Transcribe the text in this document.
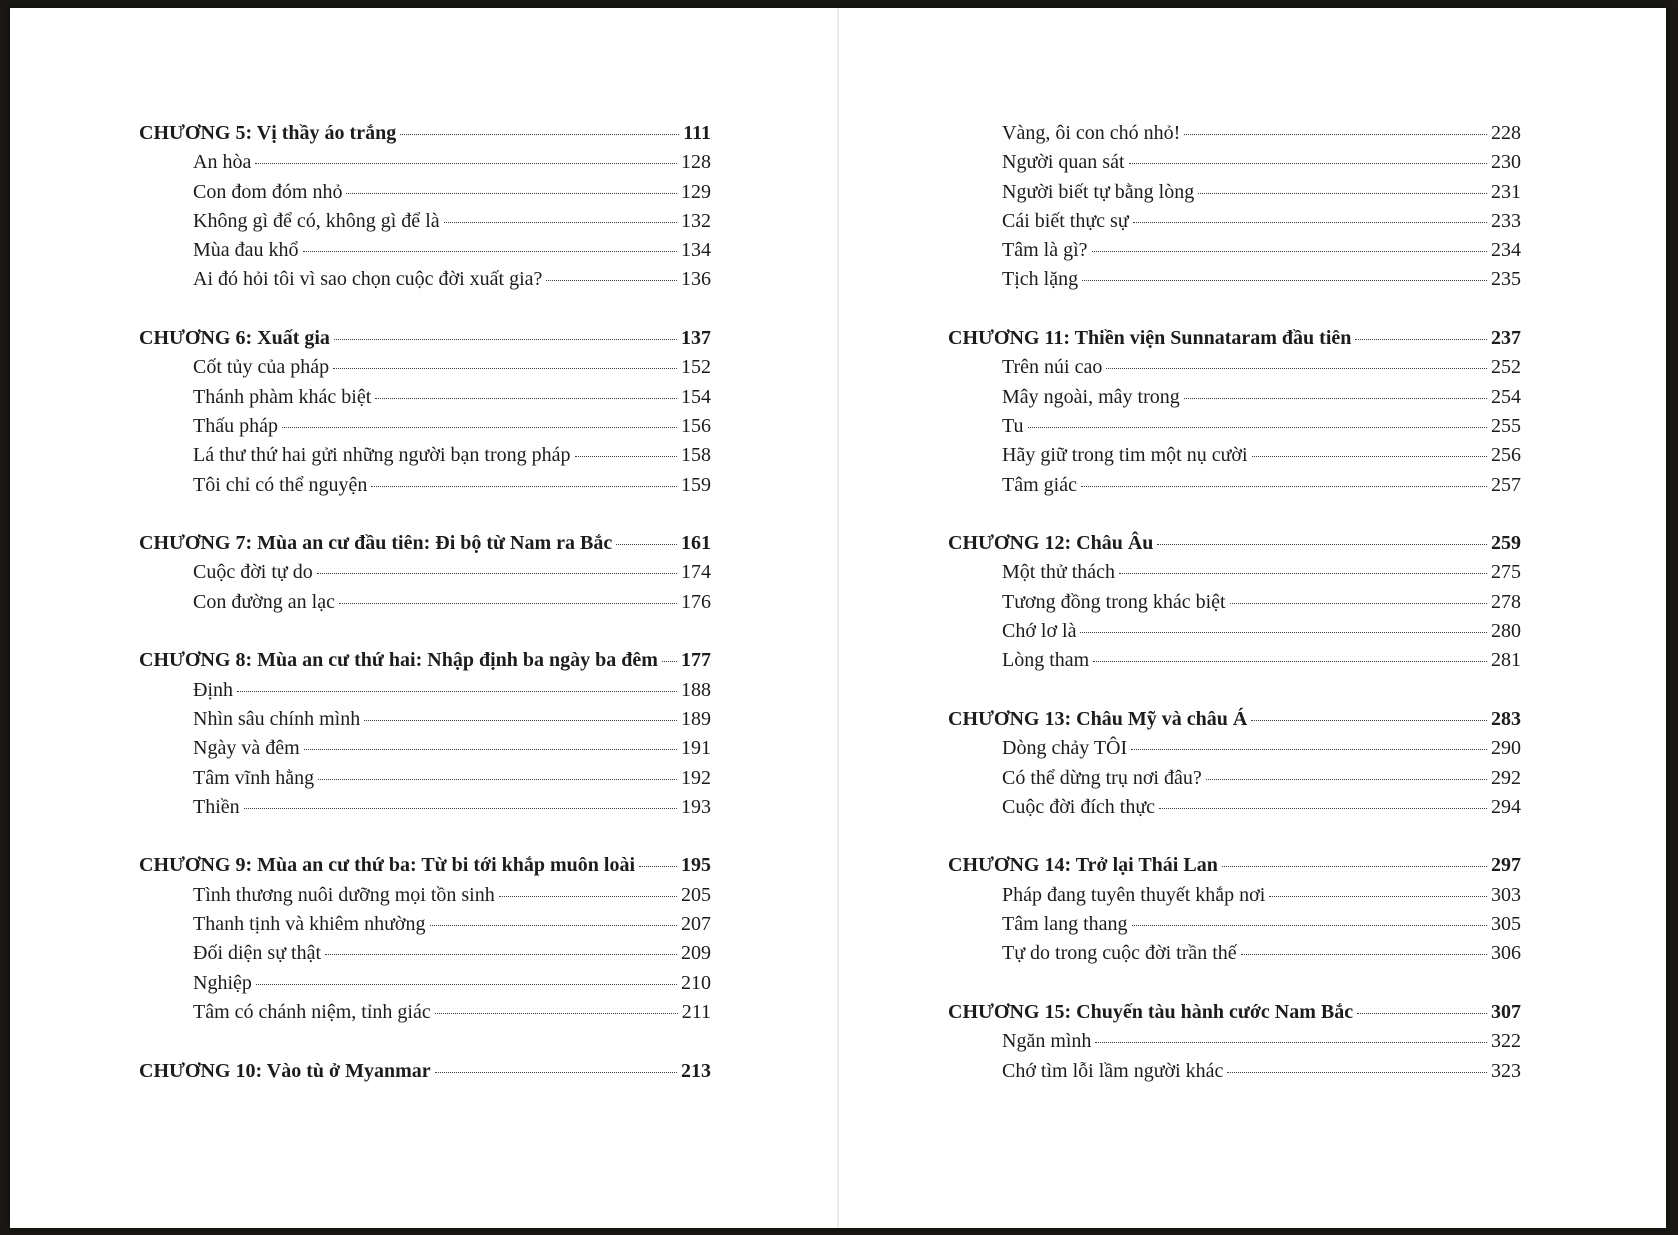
CHƯƠNG 5: Vị thầy áo trắng	111
An hòa	128
Con đom đóm nhỏ	129
Không gì để có, không gì để là	132
Mùa đau khổ	134
Ai đó hỏi tôi vì sao chọn cuộc đời xuất gia?	136
CHƯƠNG 6: Xuất gia	137
Cốt tủy của pháp	152
Thánh phàm khác biệt	154
Thấu pháp	156
Lá thư thứ hai gửi những người bạn trong pháp	158
Tôi chỉ có thể nguyện	159
CHƯƠNG 7: Mùa an cư đầu tiên: Đi bộ từ Nam ra Bắc	161
Cuộc đời tự do	174
Con đường an lạc	176
CHƯƠNG 8: Mùa an cư thứ hai: Nhập định ba ngày ba đêm 177
Định	188
Nhìn sâu chính mình	189
Ngày và đêm	191
Tâm vĩnh hằng	192
Thiền	193
CHƯƠNG 9: Mùa an cư thứ ba: Từ bi tới khắp muôn loài 195
Tình thương nuôi dưỡng mọi tồn sinh	205
Thanh tịnh và khiêm nhường	207
Đối diện sự thật	209
Nghiệp	210
Tâm có chánh niệm, tỉnh giác	211
CHƯƠNG 10: Vào tù ở Myanmar	213
Vàng, ôi con chó nhỏ!	228
Người quan sát	230
Người biết tự bằng lòng	231
Cái biết thực sự	233
Tâm là gì?	234
Tịch lặng	235
CHƯƠNG 11: Thiền viện Sunnataram đầu tiên	237
Trên núi cao	252
Mây ngoài, mây trong	254
Tu	255
Hãy giữ trong tim một nụ cười	256
Tâm giác	257
CHƯƠNG 12: Châu Âu	259
Một thử thách	275
Tương đồng trong khác biệt	278
Chớ lơ là	280
Lòng tham	281
CHƯƠNG 13: Châu Mỹ và châu Á	283
Dòng chảy TÔI	290
Có thể dừng trụ nơi đâu?	292
Cuộc đời đích thực	294
CHƯƠNG 14: Trở lại Thái Lan	297
Pháp đang tuyên thuyết khắp nơi	303
Tâm lang thang	305
Tự do trong cuộc đời trần thế	306
CHƯƠNG 15: Chuyến tàu hành cước Nam Bắc	307
Ngăn mình	322
Chớ tìm lỗi lầm người khác	323
